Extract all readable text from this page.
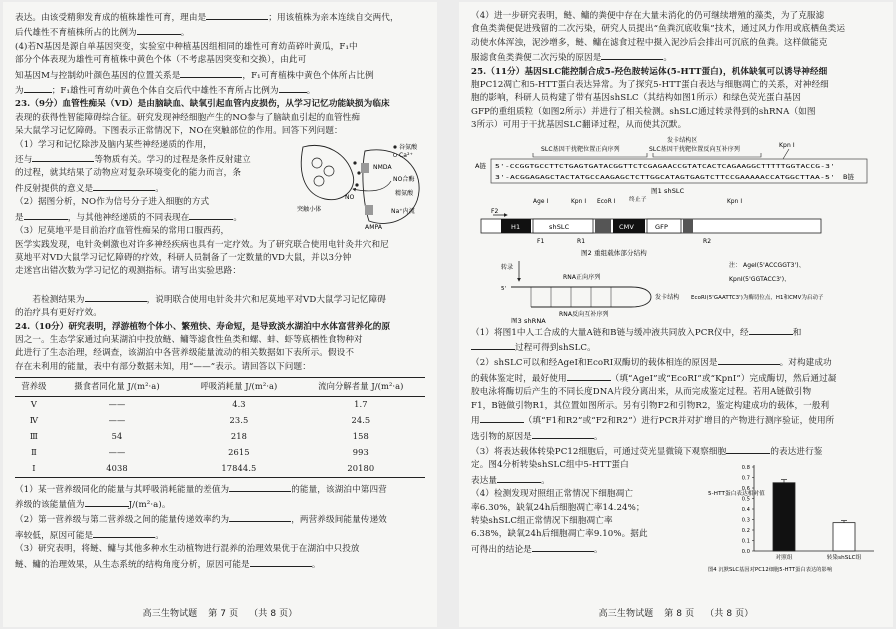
表达。由该受精卵发育成的植株雄性可育，理由是	；用该植株为亲本连续自交两代，

后代雄性不育植株所占的比例为	。

(4)若N基因是源自单基因突变，实验室中种植基因组相同的雄性可育幼苗碎叶黄瓜，F₁中

部分个体表现为雄性可育植株中黄色个体（不考虑基因突变和交换），由此可

知基因M与控制幼叶颜色基因的位置关系是	，F₁可育植株中黄色个体所占比例

为	；F₁雄性可育幼叶黄色个体自交后代中雄性不育所占比例为	。

23.（9分）血管性痴呆（VD）是由脑缺血、缺氧引起血管内皮损伤，从学习记忆功能缺损为临床

表现的获得性智能障碍综合征。研究发现神经细胞产生的NO参与了脑缺血引起的血管性痴

呆大鼠学习记忆障碍。下图表示正常情况下，NO在突触部位的作用。回答下列问题：

（1）学习和记忆除涉及脑内某些神经递质的作用，

还与	等物质有关。学习的过程是条件反射建立

的过程，就其结果了动物应对复杂环境变化的能力而言，条

件反射提供的意义是	。

（2）据图分析，NO作为信号分子进入细胞的方式

是	，与其他神经递质的不同表现在	。

（3）尼莫地平是目前治疗血管性痴呆的常用口服西药，

谷氨酸
Ca²⁺
NMDA
NO合酶
NO
精氨酸
AMPA
Na⁺内流
突触小体

医学实践发现，电针灸刺激也对许多神经疾病也具有一定疗效。为了研究联合使用电针灸井穴和尼

莫地平对VD大鼠学习记忆障碍的疗效，科研人员制备了一定数量的VD大鼠，并以3分钟

走迷宫出错次数为学习记忆的观测指标。请写出实验思路：

　　若检测结果为	，说明联合使用电针灸井穴和尼莫地平对VD大鼠学习记忆障碍

的治疗具有更好疗效。

24.（10分）研究表明，浮游植物个体小、繁殖快、寿命短，是导致淡水湖泊中水体富营养化的原

因之一。生态学家通过向某湖泊中投放鲢、鳙等滤食性鱼类和螺、蚌、虾等底栖性食物种对

此进行了生态治理，经调查，该湖泊中各营养级能量流动的相关数据如下表所示。假设不

存在未利用的能量，表中有部分数据未知，用“——”表示。请回答以下问题：

营养级	摄食者同化量 J/(m²·a)	呼吸消耗量 J/(m²·a)	流向分解者量 J/(m²·a)
Ⅴ	——	4.3	1.7
Ⅳ	——	23.5	24.5
Ⅲ	54	218	158
Ⅱ	——	2615	993
Ⅰ	4038	17844.5	20180

（1）某一营养级同化的能量与其呼吸消耗能量的差值为	的能量，该湖泊中第四营

养级的该能量值为	J/(m²·a)。

（2）第一营养级与第二营养级之间的能量传递效率约为	，两营养级间能量传递效

率较低，原因可能是	。

（3）研究表明，将鲢、鳙与其他多种水生动植物进行混养的治理效果优于在湖泊中只投放

鲢、鳙的治理效果，从生态系统的结构角度分析，原因可能是	。

高三生物试题 第 7 页 （共 8 页）

（4）进一步研究表明，鲢、鳙的粪便中存在大量未消化的仍可继续增殖的藻类，为了克服滤

食鱼类粪便促进残留的二次污染，研究人员提出“鱼粪沉底收集”技术，通过风力作用或底栖鱼类运

动使水体浑浊，泥沙增多，鲢、鳙在滤食过程中摄入泥沙后会排出可沉底的鱼粪。这样做能克

服滤食鱼类粪便二次污染的原因是	。

25.（11分）基因SLC能控制合成5-羟色胺转运体(5-HTT蛋白)，机体缺氧可以诱导神经细

胞PC12凋亡和5-HTT蛋白表达异常。为了探究5-HTT蛋白表达与细胞凋亡的关系，对神经细

胞的影响，科研人员构建了带有基因shSLC（其结构如图1所示）和绿色荧光蛋白基因

GFP的重组质粒（如图2所示）并进行了相关检测。shSLC通过转录得到的shRNA（如图

3所示）可用于干扰基因SLC翻译过程，从而使其沉默。

发卡结构区
SLC基因干扰靶位置正向序列	SLC基因干扰靶位置反向互补序列
Kpn Ⅰ
A链 5'-CCGGTGCCTTCTGAGTGATACGGTTCTCGAGAACCGTATCACTCAGAAGGCTTTTTGGTACCG-3'
3'-ACGGAGAGCTACTATGCCAAGAGCTCTTGGCATAGTGAGTCTTCCGAAAAACCATGGCTTAA-5' B链
图1 shSLC
Age Ⅰ	Kpn Ⅰ EcoR Ⅰ 终止子	Kpn Ⅰ
F2
H1	shSLC	CMV	GFP
F1	R1	R2
图2 重组载体部分结构
转录
RNA正向序列
5'
发卡结构
RNA反向互补序列
图3 shRNA
注： AgeⅠ(5'ACCGGT3')、
KpnⅠ(5'GGTACC3')、
EcoRⅠ(5'GAATTC3')为酶切位点，H1和CMV为启动子

（1）将图1中人工合成的大量A链和B链与缓冲液共同放入PCR仪中，经	和

过程可得到shSLC。

（2）shSLC可以和经AgeⅠ和EcoRⅠ双酶切的载体相连的原因是	。对构建成功

的载体鉴定时，最好使用	（填“AgeⅠ”或“EcoRⅠ”或“KpnⅠ”）完成酶切，然后通过凝

胶电泳将酶切后产生的不同长度DNA片段分离出来，从而完成鉴定过程。若用A链做引物

F1，B链做引物R1，其位置如图所示。另有引物F2和引物R2，鉴定构建成功的载体，一般利

用	（填“F1和R2”或“F2和R2”）进行PCR并对扩增目的产物进行测序验证，使用所

选引物的原因是	。

（3）将表达载体转染PC12细胞后，可通过荧光显微镜下观察细胞	的表达进行鉴

定。图4分析转染shSLC组中5-HTT蛋白

表达量	。

（4）检测发现对照组正常情况下细胞凋亡

率6.30%，缺氧24h后细胞凋亡率14.24%；

转染shSLC组正常情况下细胞凋亡率

6.38%，缺氧24h后细胞凋亡率9.10%。据此

可得出的结论是	。

5-HTT蛋白表达相对值
0.0
0.1
0.2
0.3
0.4
0.5
0.6
0.7
0.8
对照组	转染shSLC组
图4 沉默SLC基因对PC12细胞5-HTT蛋白表达的影响
高三生物试题 第 8 页 （共 8 页）
